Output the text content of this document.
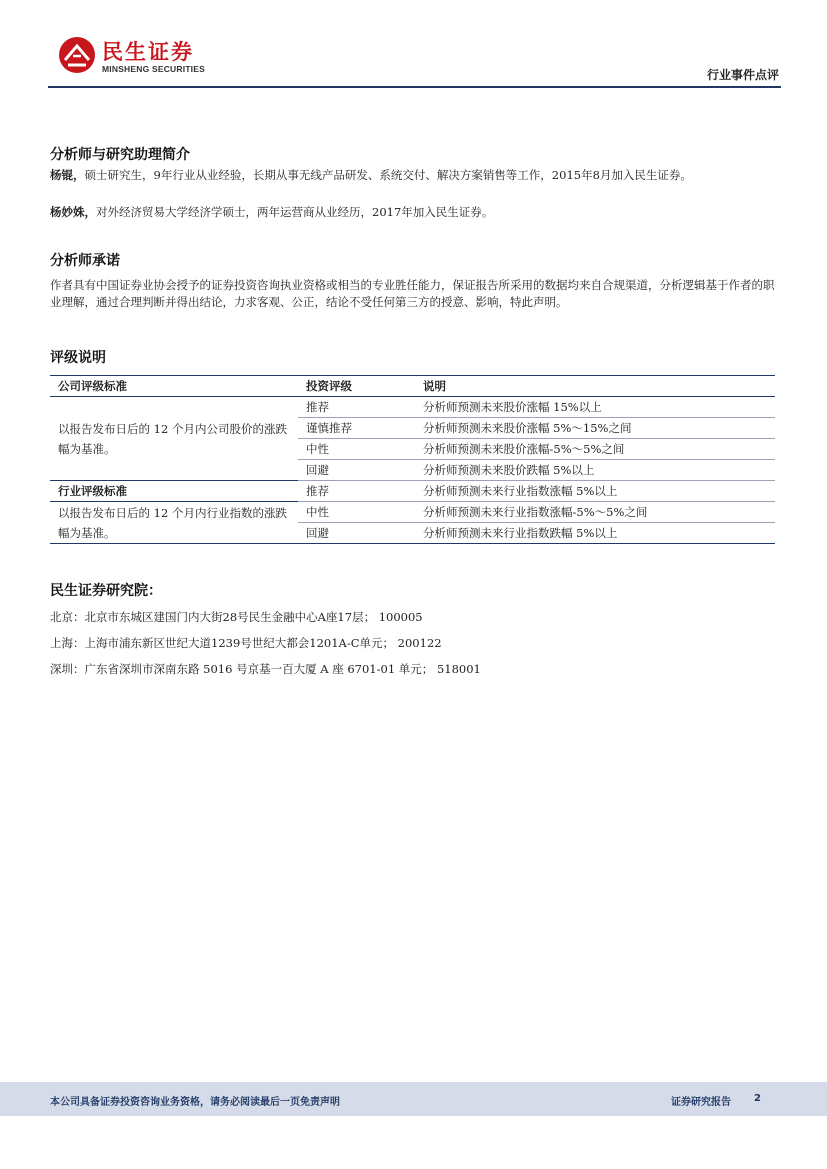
民生证券
MINSHENG SECURITIES	行业事件点评
分析师与研究助理简介
杨锟，硕士研究生，9年行业从业经验，长期从事无线产品研发、系统交付、解决方案销售等工作，2015年8月加入民生证券。
杨妙姝，对外经济贸易大学经济学硕士，两年运营商从业经历，2017年加入民生证券。
分析师承诺
作者具有中国证券业协会授予的证券投资咨询执业资格或相当的专业胜任能力，保证报告所采用的数据均来自合规渠道，分析逻辑基于作者的职业理解，通过合理判断并得出结论，力求客观、公正，结论不受任何第三方的授意、影响，特此声明。
评级说明
公司评级标准	投资评级	说明
以报告发布日后的 12 个月内公司股价的涨跌幅为基准。	推荐	分析师预测未来股价涨幅 15%以上
	谨慎推荐	分析师预测未来股价涨幅 5%～15%之间
	中性	分析师预测未来股价涨幅-5%～5%之间
	回避	分析师预测未来股价跌幅 5%以上
行业评级标准	推荐	分析师预测未来行业指数涨幅 5%以上
以报告发布日后的 12 个月内行业指数的涨跌幅为基准。	中性	分析师预测未来行业指数涨幅-5%～5%之间
	回避	分析师预测未来行业指数跌幅 5%以上
民生证券研究院：
北京：北京市东城区建国门内大街28号民生金融中心A座17层； 100005
上海：上海市浦东新区世纪大道1239号世纪大都会1201A-C单元； 200122
深圳：广东省深圳市深南东路 5016 号京基一百大厦 A 座 6701-01 单元； 518001
本公司具备证券投资咨询业务资格，请务必阅读最后一页免责声明	证券研究报告 2
